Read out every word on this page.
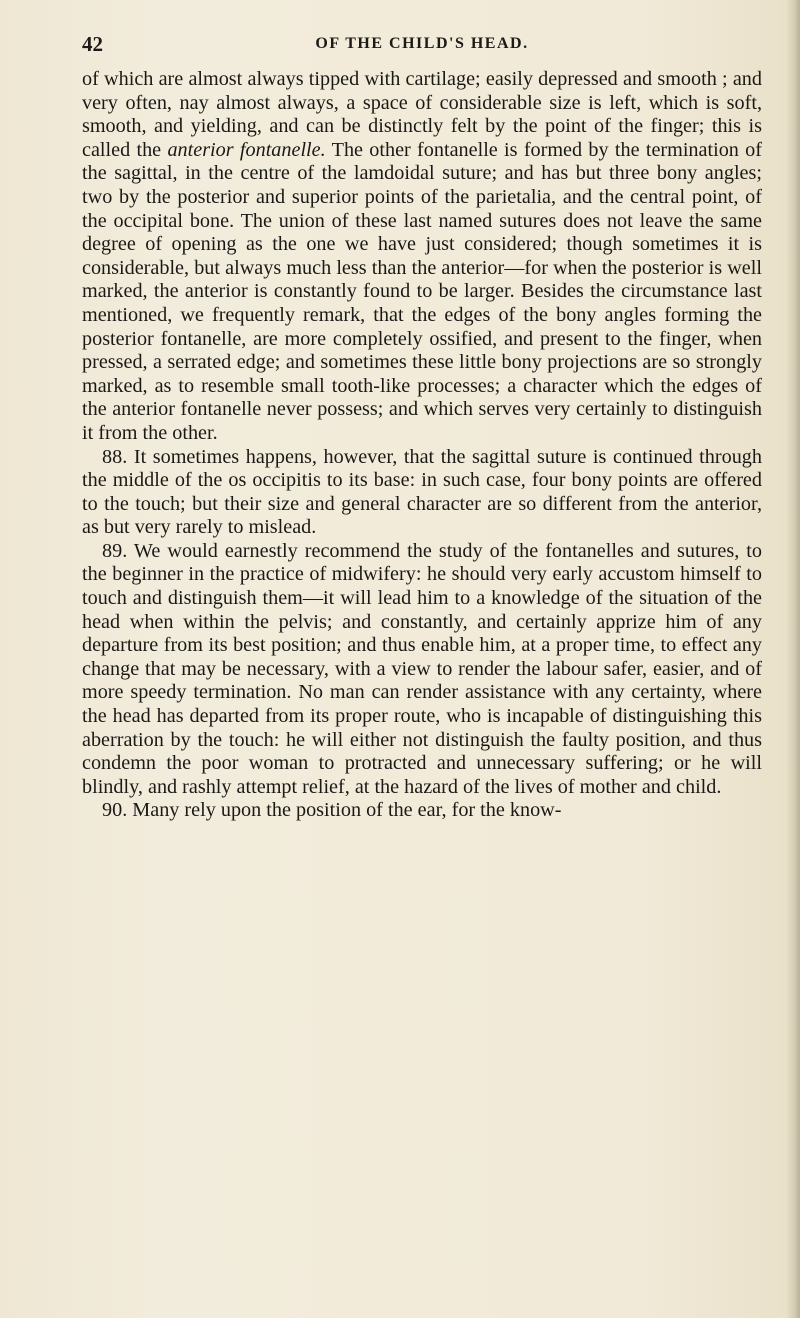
42	OF THE CHILD'S HEAD.

of which are almost always tipped with cartilage; easily depressed and smooth ; and very often, nay almost always, a space of considerable size is left, which is soft, smooth, and yielding, and can be distinctly felt by the point of the finger; this is called the anterior fontanelle. The other fontanelle is formed by the termination of the sagittal, in the centre of the lamdoidal suture; and has but three bony angles; two by the posterior and superior points of the parietalia, and the central point, of the occipital bone. The union of these last named sutures does not leave the same degree of opening as the one we have just considered; though sometimes it is considerable, but always much less than the anterior—for when the posterior is well marked, the anterior is constantly found to be larger. Besides the circumstance last mentioned, we frequently remark, that the edges of the bony angles forming the posterior fontanelle, are more completely ossified, and present to the finger, when pressed, a serrated edge; and sometimes these little bony projections are so strongly marked, as to resemble small tooth-like processes; a character which the edges of the anterior fontanelle never possess; and which serves very certainly to distinguish it from the other.

88. It sometimes happens, however, that the sagittal suture is continued through the middle of the os occipitis to its base: in such case, four bony points are offered to the touch; but their size and general character are so different from the anterior, as but very rarely to mislead.

89. We would earnestly recommend the study of the fontanelles and sutures, to the beginner in the practice of midwifery: he should very early accustom himself to touch and distinguish them—it will lead him to a knowledge of the situation of the head when within the pelvis; and constantly, and certainly apprize him of any departure from its best position; and thus enable him, at a proper time, to effect any change that may be necessary, with a view to render the labour safer, easier, and of more speedy termination. No man can render assistance with any certainty, where the head has departed from its proper route, who is incapable of distinguishing this aberration by the touch: he will either not distinguish the faulty position, and thus condemn the poor woman to protracted and unnecessary suffering; or he will blindly, and rashly attempt relief, at the hazard of the lives of mother and child.

90. Many rely upon the position of the ear, for the know-
